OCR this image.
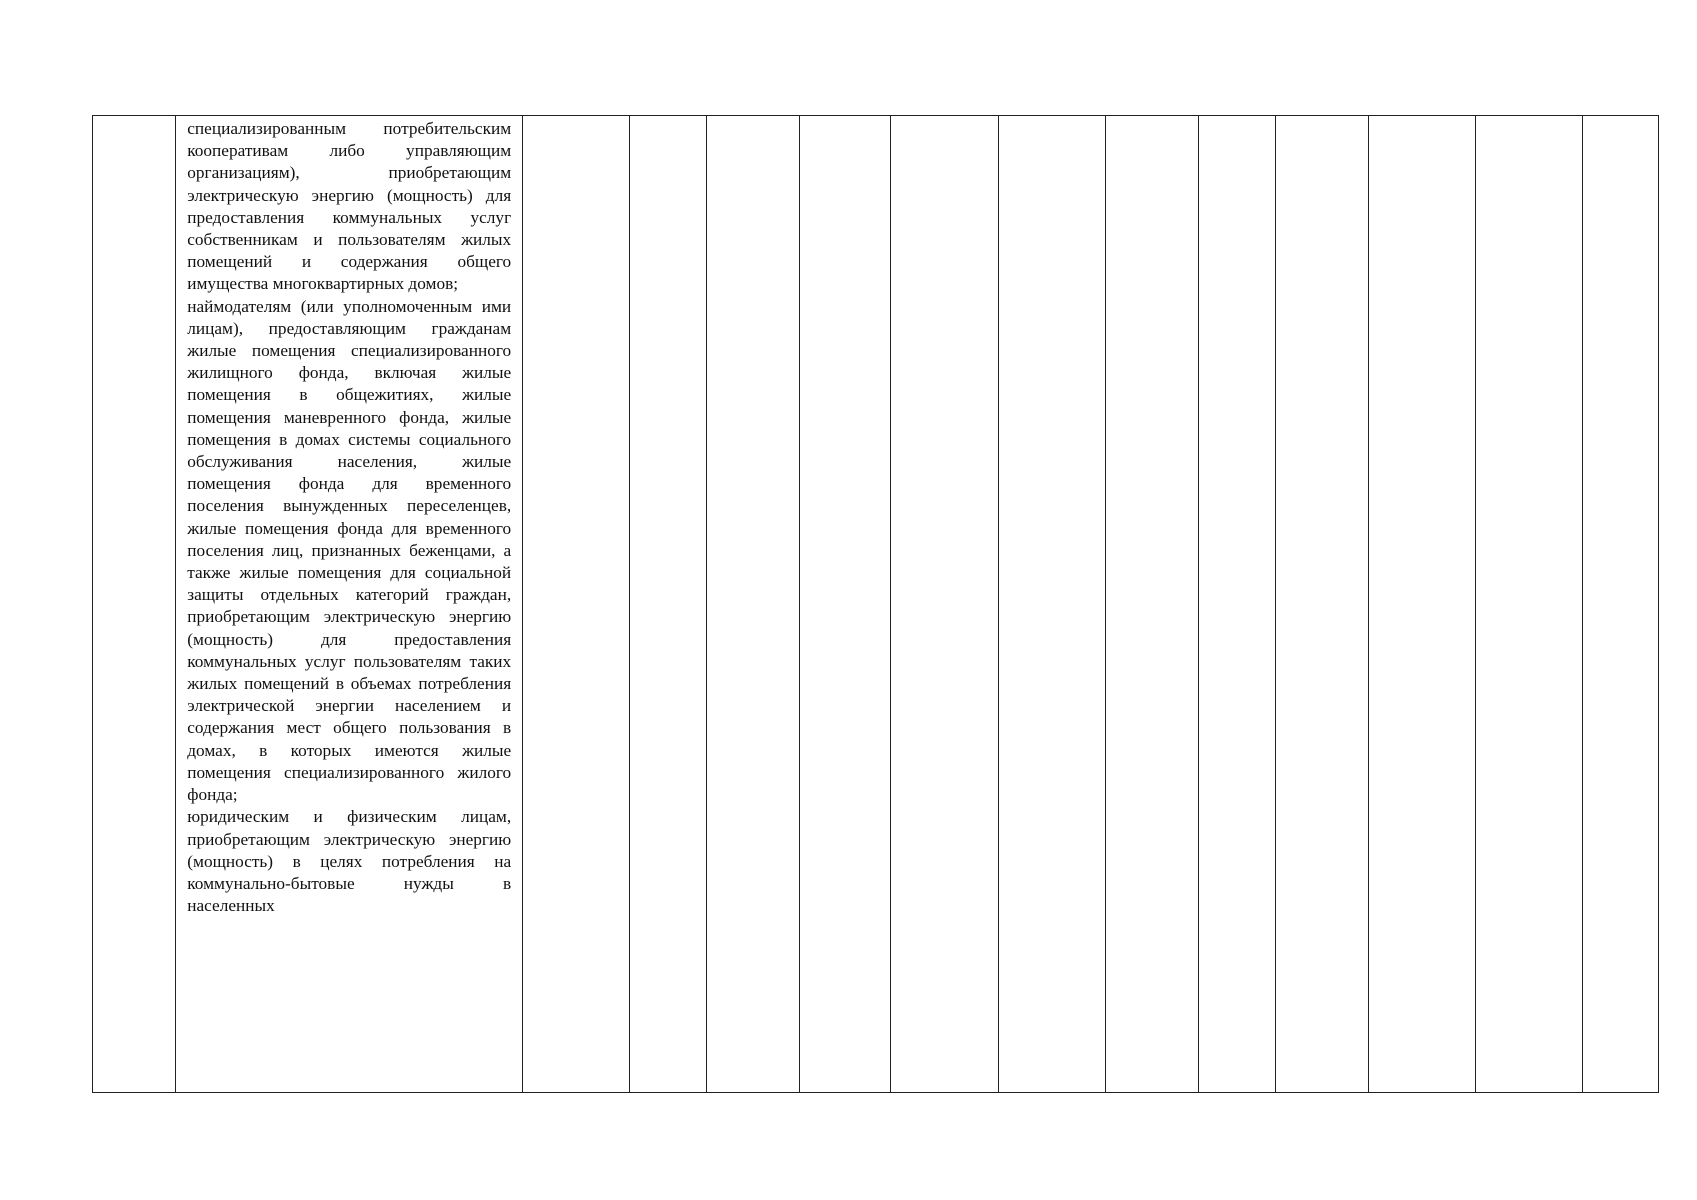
специализированным потребительским кооперативам либо управляющим организациям), приобретающим электрическую энергию (мощность) для предоставления коммунальных услуг собственникам и пользователям жилых помещений и содержания общего имущества многоквартирных домов;
наймодателям (или уполномоченным ими лицам), предоставляющим гражданам жилые помещения специализированного жилищного фонда, включая жилые помещения в общежитиях, жилые помещения маневренного фонда, жилые помещения в домах системы социального обслуживания населения, жилые помещения фонда для временного поселения вынужденных переселенцев, жилые помещения фонда для временного поселения лиц, признанных беженцами, а также жилые помещения для социальной защиты отдельных категорий граждан, приобретающим электрическую энергию (мощность) для предоставления коммунальных услуг пользователям таких жилых помещений в объемах потребления электрической энергии населением и содержания мест общего пользования в домах, в которых имеются жилые помещения специализированного жилого фонда;
юридическим и физическим лицам, приобретающим электрическую энергию (мощность) в целях потребления на коммунально-бытовые нужды в населенных
